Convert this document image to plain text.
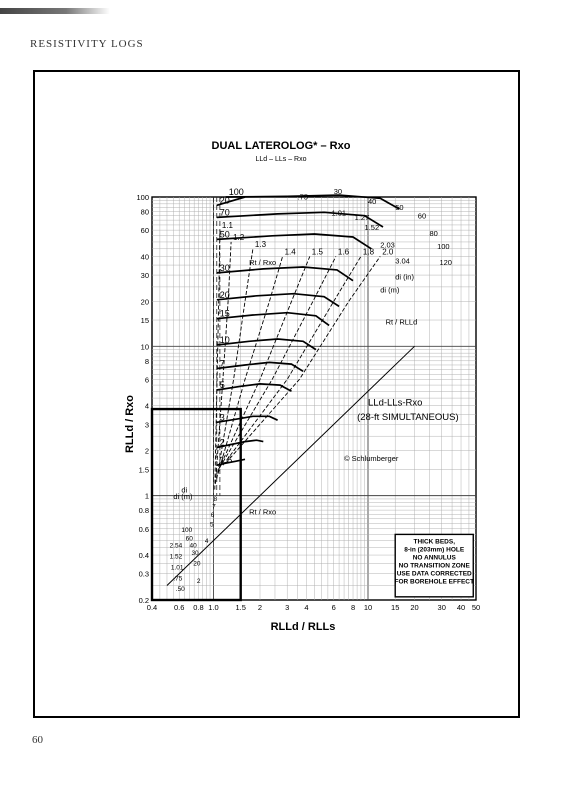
RESISTIVITY LOGS
DUAL LATEROLOG* – Rxo
LLd – LLs – Rxo
1.1
1.2
1.3
1.4 1.5 1.6 1.8 2.0
1.5
2
3
5
7
10
15
20
30
50
70
100
20
0.4 0.6 0.8 1.0 1.5 2	3 4	6 8 10	15 20	30 40 50
0.2
0.3
0.4
0.6
0.8
1
1.5
2
3
4
6
8
10
15
20
30
40
60
80
100
Rt / Rxo
di (m)
di (in)
Rt / RLLd
LLd-LLs-Rxo
(28-ft SIMULTANEOUS)
© Schlumberger
Rt / Rxo
di (m)
di
30
40
50
60
80
100
120
.75
1.01 1.27
1.52
2.03
3.04
2.54
1.52
1.01
.75
.50
100
60
40
30
20
2
4
5
6
7
8
RLLd / RLLs
RLLd / Rxo
THICK BEDS,
8-in (203mm) HOLE
NO ANNULUS
NO TRANSITION ZONE
USE DATA CORRECTED
FOR BOREHOLE EFFECT
60
